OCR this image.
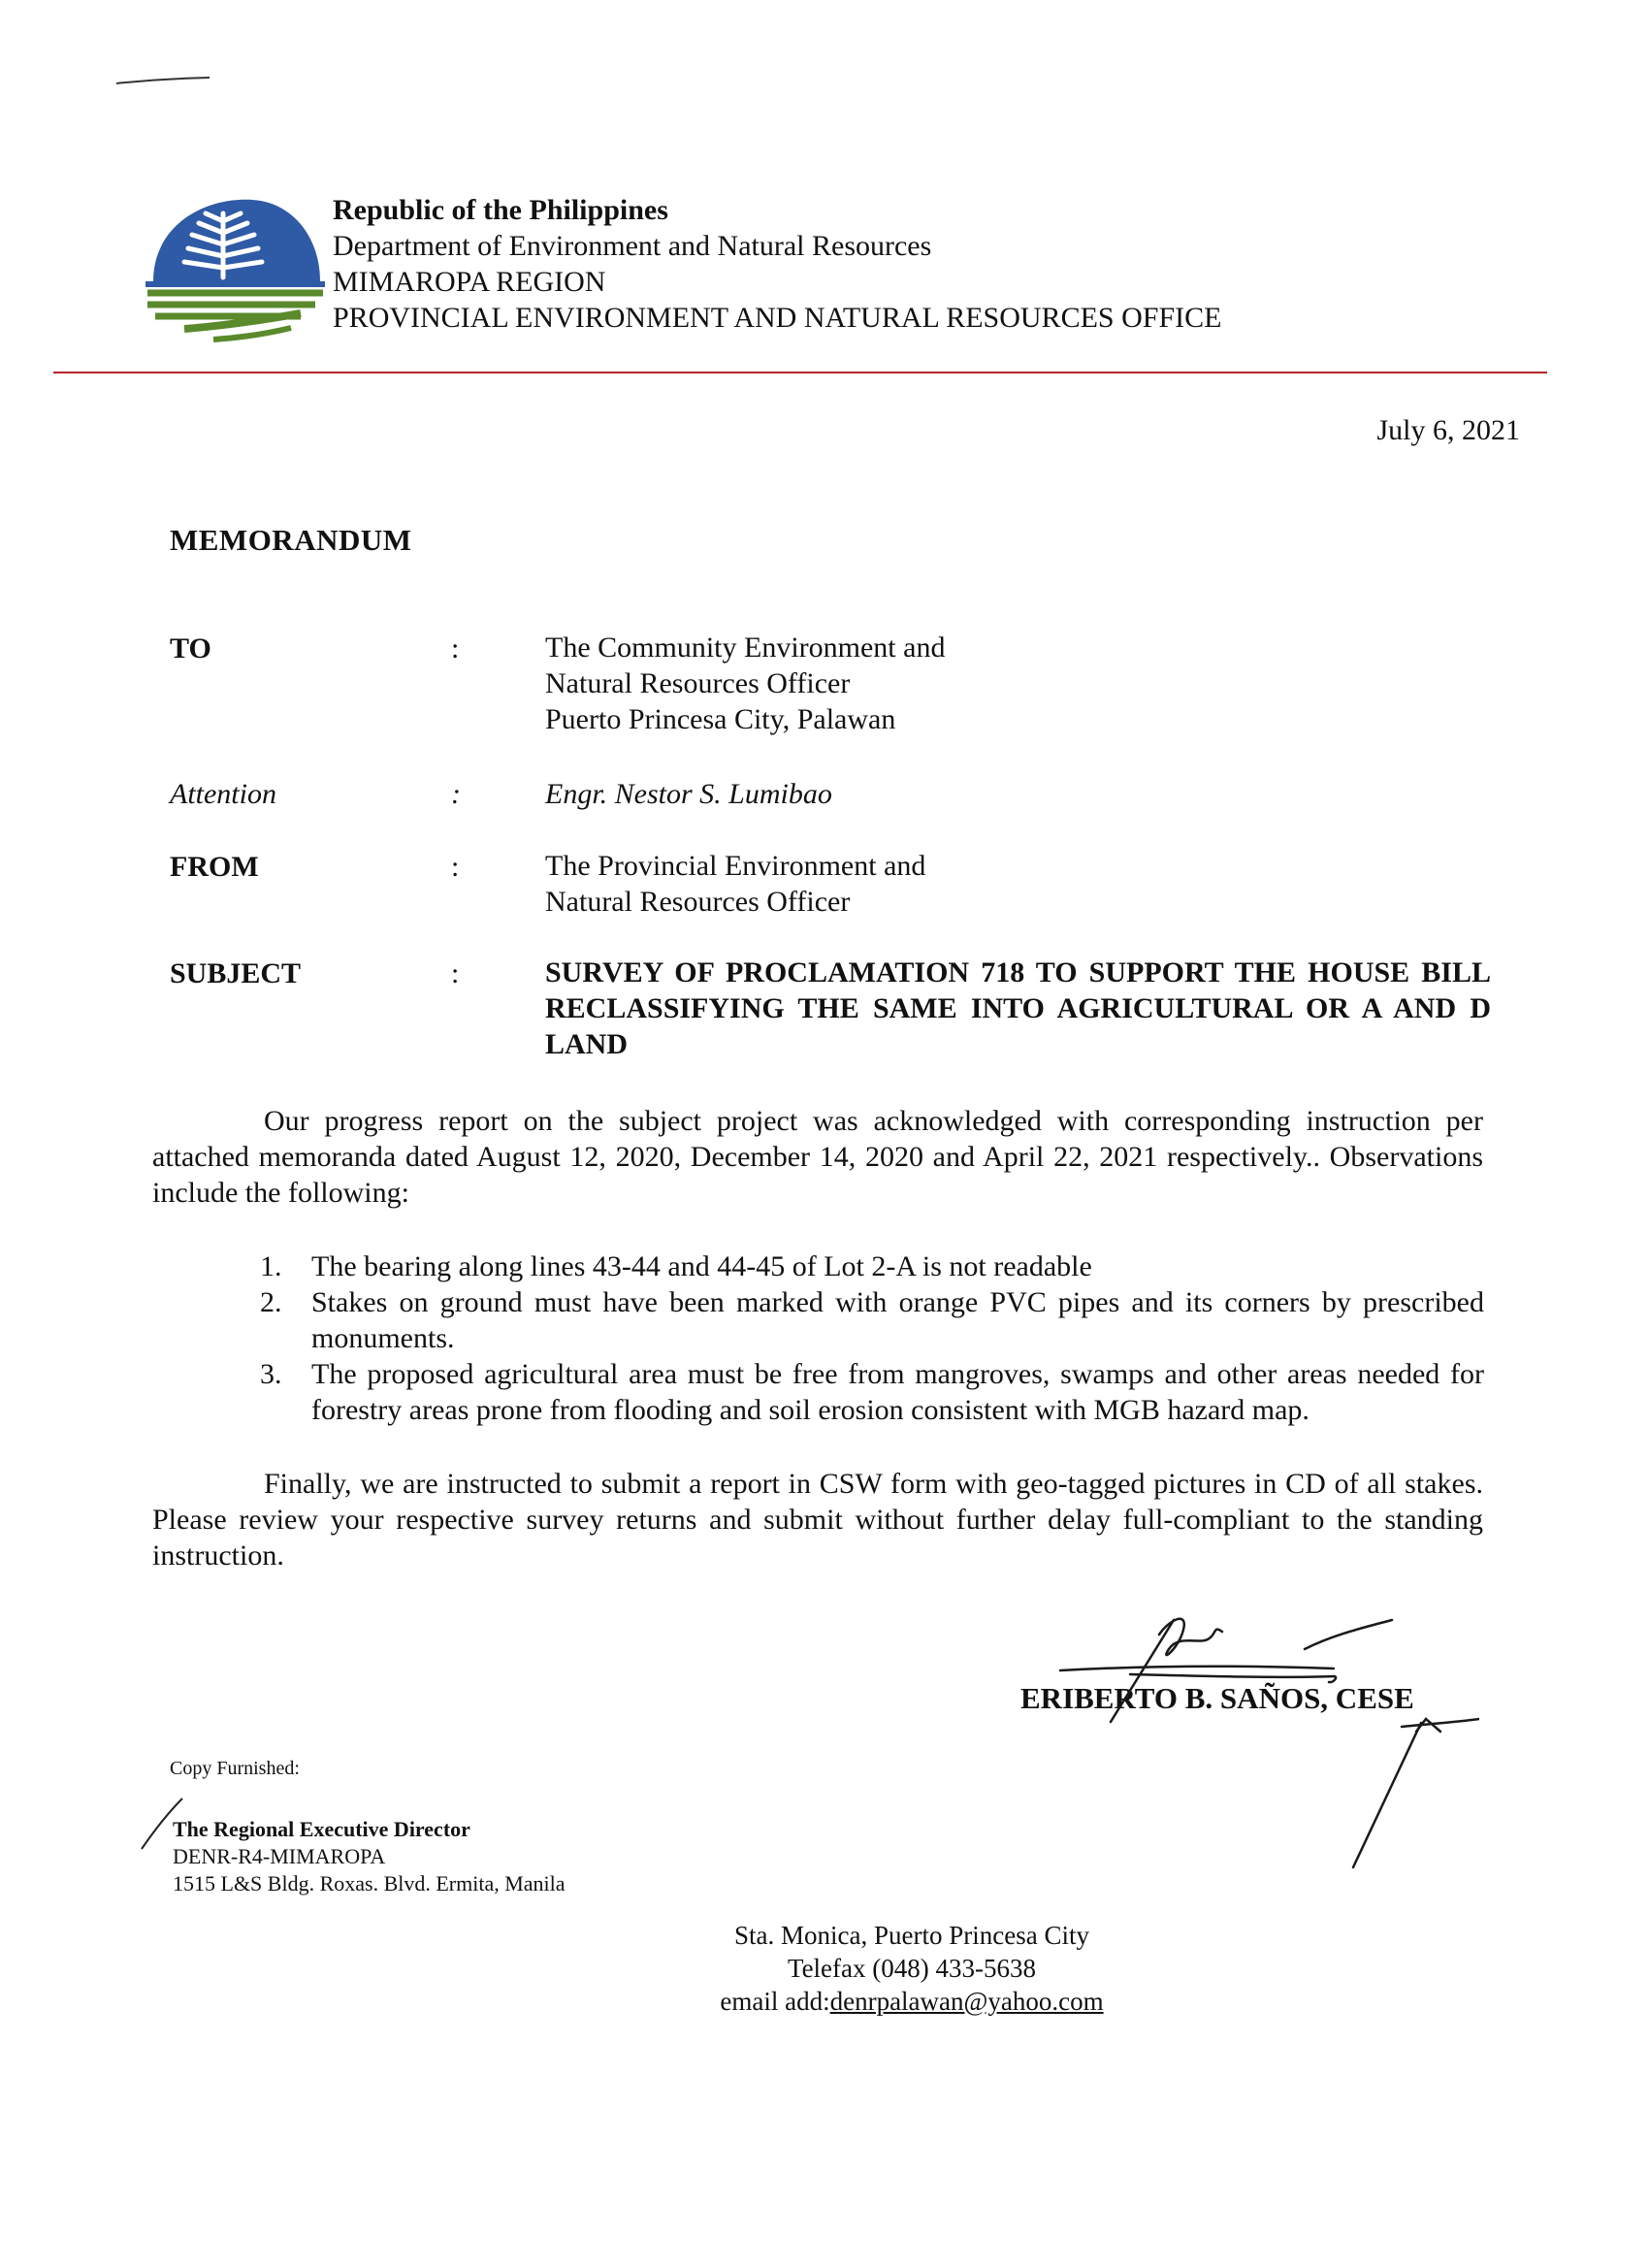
Republic of the Philippines
Department of Environment and Natural Resources
MIMAROPA REGION
PROVINCIAL ENVIRONMENT AND NATURAL RESOURCES OFFICE
July 6, 2021
MEMORANDUM
TO	:	The Community Environment and
Natural Resources Officer
Puerto Princesa City, Palawan
Attention	:	Engr. Nestor S. Lumibao
FROM	:	The Provincial Environment and
Natural Resources Officer
SUBJECT	:	SURVEY OF PROCLAMATION 718 TO SUPPORT THE HOUSE BILL RECLASSIFYING THE SAME INTO AGRICULTURAL OR A AND D LAND
Our progress report on the subject project was acknowledged with corresponding instruction per attached memoranda dated August 12, 2020, December 14, 2020 and April 22, 2021 respectively.. Observations include the following:
1. The bearing along lines 43-44 and 44-45 of Lot 2-A is not readable
2. Stakes on ground must have been marked with orange PVC pipes and its corners by prescribed monuments.
3. The proposed agricultural area must be free from mangroves, swamps and other areas needed for forestry areas prone from flooding and soil erosion consistent with MGB hazard map.
Finally, we are instructed to submit a report in CSW form with geo-tagged pictures in CD of all stakes. Please review your respective survey returns and submit without further delay full-compliant to the standing instruction.
ERIBERTO B. SAÑOS, CESE
Copy Furnished:
The Regional Executive Director
DENR-R4-MIMAROPA
1515 L&S Bldg. Roxas. Blvd. Ermita, Manila
Sta. Monica, Puerto Princesa City
Telefax (048) 433-5638
email add:denrpalawan@yahoo.com
